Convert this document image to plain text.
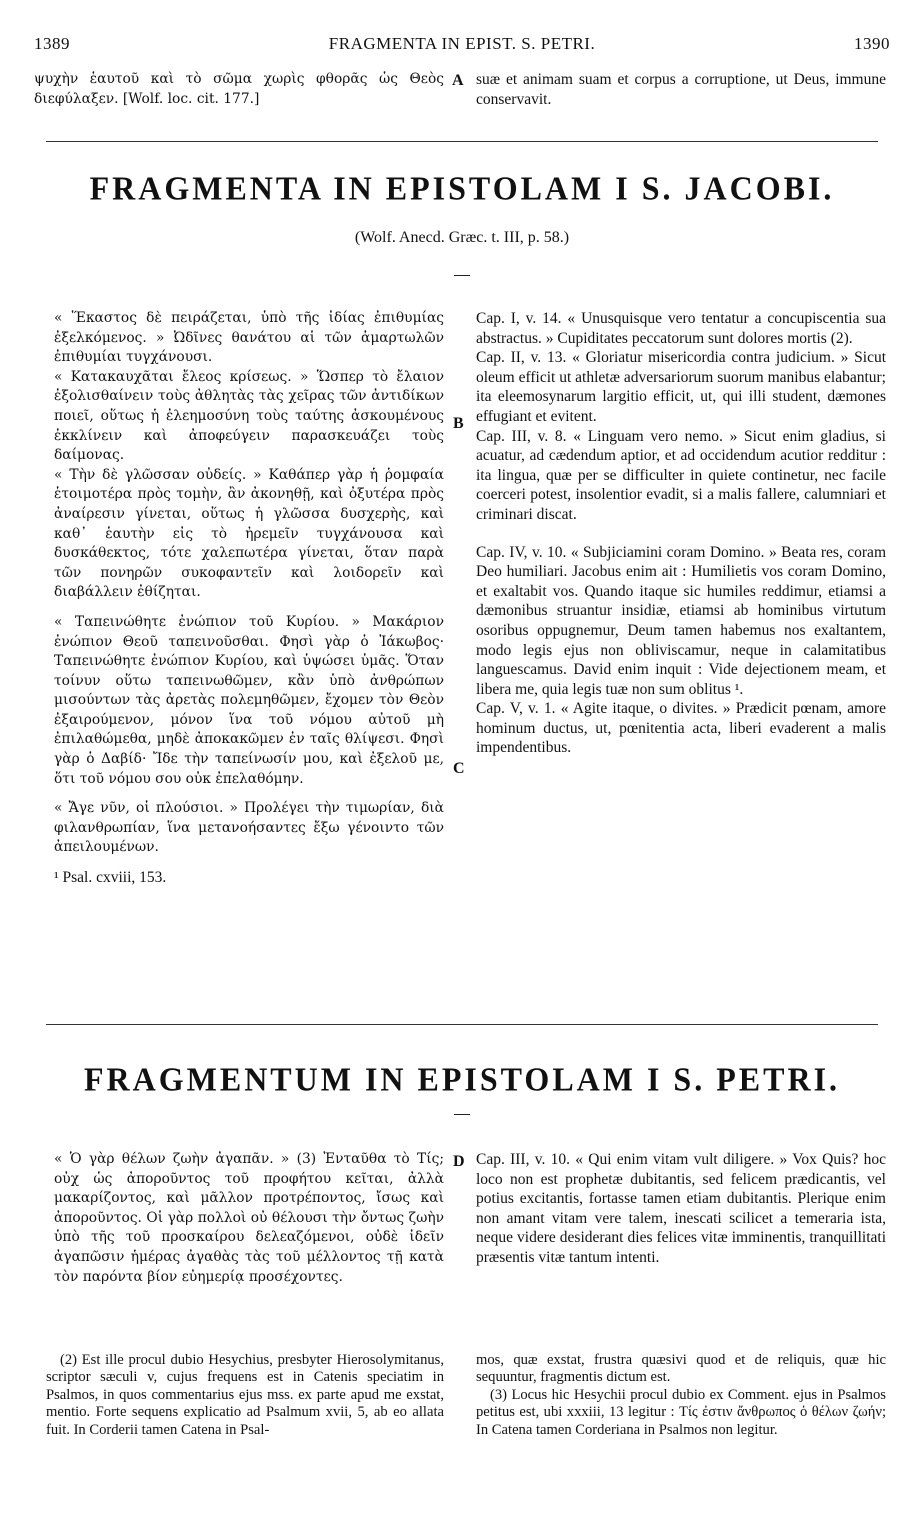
1389	FRAGMENTA IN EPIST. S. PETRI.	1390

ψυχὴν ἑαυτοῦ καὶ τὸ σῶμα χωρὶς φθορᾶς ὡς Θεὸς διεφύλαξεν. [Wolf. loc. cit. 177.]

A suæ et animam suam et corpus a corruptione, ut Deus, immune conservavit.

FRAGMENTA IN EPISTOLAM I S. JACOBI.
(Wolf. Anecd. Græc. t. III, p. 58.)

« Ἕκαστος δὲ πειράζεται, ὑπὸ τῆς ἰδίας ἐπιθυμίας ἐξελκόμενος. » Ὠδῖνες θανάτου αἱ τῶν ἁμαρτωλῶν ἐπιθυμίαι τυγχάνουσι.

« Κατακαυχᾶται ἔλεος κρίσεως. » Ὥσπερ τὸ ἔλαιον ἐξολισθαίνειν τοὺς ἀθλητὰς τὰς χεῖρας τῶν ἀντιδίκων ποιεῖ, οὕτως ἡ ἐλεημοσύνη τοὺς ταύτης ἀσκουμένους ἐκκλίνειν καὶ ἀποφεύγειν παρασκευάζει τοὺς δαίμονας.

« Τὴν δὲ γλῶσσαν οὐδείς. » Καθάπερ γὰρ ἡ ῥομφαία ἑτοιμοτέρα πρὸς τομὴν, ἂν ἀκονηθῇ, καὶ ὀξυτέρα πρὸς ἀναίρεσιν γίνεται, οὕτως ἡ γλῶσσα δυσχερὴς, καὶ καθ᾽ ἑαυτὴν εἰς τὸ ἠρεμεῖν τυγχάνουσα καὶ δυσκάθεκτος, τότε χαλεπωτέρα γίνεται, ὅταν παρὰ τῶν πονηρῶν συκοφαντεῖν καὶ λοιδορεῖν καὶ διαβάλλειν ἐθίζηται.

« Ταπεινώθητε ἐνώπιον τοῦ Κυρίου. » Μακάριον ἐνώπιον Θεοῦ ταπεινοῦσθαι. Φησὶ γὰρ ὁ Ἰάκωβος· Ταπεινώθητε ἐνώπιον Κυρίου, καὶ ὑψώσει ὑμᾶς. Ὅταν τοίνυν οὕτω ταπεινωθῶμεν, κἂν ὑπὸ ἀνθρώπων μισούντων τὰς ἀρετὰς πολεμηθῶμεν, ἔχομεν τὸν Θεὸν ἐξαιρούμενον, μόνον ἵνα τοῦ νόμου αὐτοῦ μὴ ἐπιλαθώμεθα, μηδὲ ἀποκακῶμεν ἐν ταῖς θλίψεσι. Φησὶ γὰρ ὁ Δαβίδ· Ἴδε τὴν ταπείνωσίν μου, καὶ ἐξελοῦ με, ὅτι τοῦ νόμου σου οὐκ ἐπελαθόμην.

« Ἄγε νῦν, οἱ πλούσιοι. » Προλέγει τὴν τιμωρίαν, διὰ φιλανθρωπίαν, ἵνα μετανοήσαντες ἔξω γένοιντο τῶν ἀπειλουμένων.

¹ Psal. cxviii, 153.

B
C

Cap. I, v. 14. « Unusquisque vero tentatur a concupiscentia sua abstractus. » Cupiditates peccatorum sunt dolores mortis (2).

Cap. II, v. 13. « Gloriatur misericordia contra judicium. » Sicut oleum efficit ut athletæ adversariorum suorum manibus elabantur; ita eleemosynarum largitio efficit, ut, qui illi student, dæmones effugiant et evitent.

Cap. III, v. 8. « Linguam vero nemo. » Sicut enim gladius, si acuatur, ad cædendum aptior, et ad occidendum acutior redditur : ita lingua, quæ per se difficulter in quiete continetur, nec facile coerceri potest, insolentior evadit, si a malis fallere, calumniari et criminari discat.

Cap. IV, v. 10. « Subjiciamini coram Domino. » Beata res, coram Deo humiliari. Jacobus enim ait : Humilietis vos coram Domino, et exaltabit vos. Quando itaque sic humiles reddimur, etiamsi a dæmonibus struantur insidiæ, etiamsi ab hominibus virtutum osoribus oppugnemur, Deum tamen habemus nos exaltantem, modo legis ejus non obliviscamur, neque in calamitatibus languescamus. David enim inquit : Vide dejectionem meam, et libera me, quia legis tuæ non sum oblitus ¹.

Cap. V, v. 1. « Agite itaque, o divites. » Prædicit pœnam, amore hominum ductus, ut, pœnitentia acta, liberi evaderent a malis impendentibus.

FRAGMENTUM IN EPISTOLAM I S. PETRI.

« Ὁ γὰρ θέλων ζωὴν ἀγαπᾶν. » (3) Ἐνταῦθα τὸ Τίς; οὐχ ὡς ἀποροῦντος τοῦ προφήτου κεῖται, ἀλλὰ μακαρίζοντος, καὶ μᾶλλον προτρέποντος, ἴσως καὶ ἀποροῦντος. Οἱ γὰρ πολλοὶ οὐ θέλουσι τὴν ὄντως ζωὴν ὑπὸ τῆς τοῦ προσκαίρου δελεαζόμενοι, οὐδὲ ἰδεῖν ἀγαπῶσιν ἡμέρας ἀγαθὰς τὰς τοῦ μέλλοντος τῇ κατὰ τὸν παρόντα βίον εὐημερίᾳ προσέχοντες.

D Cap. III, v. 10. « Qui enim vitam vult diligere. » Vox Quis? hoc loco non est prophetæ dubitantis, sed felicem prædicantis, vel potius excitantis, fortasse tamen etiam dubitantis. Plerique enim non amant vitam vere talem, inescati scilicet a temeraria ista, neque videre desiderant dies felices vitæ imminentis, tranquillitati præsentis vitæ tantum intenti.

(2) Est ille procul dubio Hesychius, presbyter Hierosolymitanus, scriptor sæculi v, cujus frequens est in Catenis speciatim in Psalmos, in quos commentarius ejus mss. ex parte apud me exstat, mentio. Forte sequens explicatio ad Psalmum xvii, 5, ab eo allata fuit. In Corderii tamen Catena in Psal-

mos, quæ exstat, frustra quæsivi quod et de reliquis, quæ hic sequuntur, fragmentis dictum est.

(3) Locus hic Hesychii procul dubio ex Comment. ejus in Psalmos petitus est, ubi xxxiii, 13 legitur : Τίς ἐστιν ἄνθρωπος ὁ θέλων ζωήν; In Catena tamen Corderiana in Psalmos non legitur.
